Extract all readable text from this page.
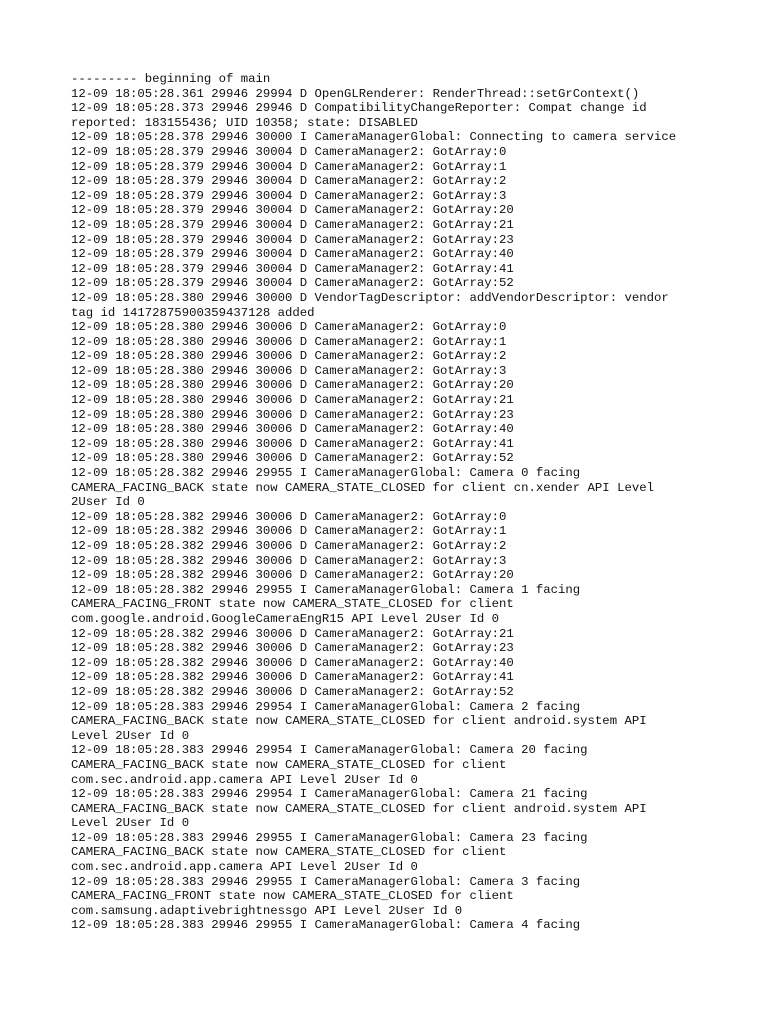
--------- beginning of main
12-09 18:05:28.361 29946 29994 D OpenGLRenderer: RenderThread::setGrContext()
12-09 18:05:28.373 29946 29946 D CompatibilityChangeReporter: Compat change id
reported: 183155436; UID 10358; state: DISABLED
12-09 18:05:28.378 29946 30000 I CameraManagerGlobal: Connecting to camera service
12-09 18:05:28.379 29946 30004 D CameraManager2: GotArray:0
12-09 18:05:28.379 29946 30004 D CameraManager2: GotArray:1
12-09 18:05:28.379 29946 30004 D CameraManager2: GotArray:2
12-09 18:05:28.379 29946 30004 D CameraManager2: GotArray:3
12-09 18:05:28.379 29946 30004 D CameraManager2: GotArray:20
12-09 18:05:28.379 29946 30004 D CameraManager2: GotArray:21
12-09 18:05:28.379 29946 30004 D CameraManager2: GotArray:23
12-09 18:05:28.379 29946 30004 D CameraManager2: GotArray:40
12-09 18:05:28.379 29946 30004 D CameraManager2: GotArray:41
12-09 18:05:28.379 29946 30004 D CameraManager2: GotArray:52
12-09 18:05:28.380 29946 30000 D VendorTagDescriptor: addVendorDescriptor: vendor
tag id 14172875900359437128 added
12-09 18:05:28.380 29946 30006 D CameraManager2: GotArray:0
12-09 18:05:28.380 29946 30006 D CameraManager2: GotArray:1
12-09 18:05:28.380 29946 30006 D CameraManager2: GotArray:2
12-09 18:05:28.380 29946 30006 D CameraManager2: GotArray:3
12-09 18:05:28.380 29946 30006 D CameraManager2: GotArray:20
12-09 18:05:28.380 29946 30006 D CameraManager2: GotArray:21
12-09 18:05:28.380 29946 30006 D CameraManager2: GotArray:23
12-09 18:05:28.380 29946 30006 D CameraManager2: GotArray:40
12-09 18:05:28.380 29946 30006 D CameraManager2: GotArray:41
12-09 18:05:28.380 29946 30006 D CameraManager2: GotArray:52
12-09 18:05:28.382 29946 29955 I CameraManagerGlobal: Camera 0 facing
CAMERA_FACING_BACK state now CAMERA_STATE_CLOSED for client cn.xender API Level
2User Id 0
12-09 18:05:28.382 29946 30006 D CameraManager2: GotArray:0
12-09 18:05:28.382 29946 30006 D CameraManager2: GotArray:1
12-09 18:05:28.382 29946 30006 D CameraManager2: GotArray:2
12-09 18:05:28.382 29946 30006 D CameraManager2: GotArray:3
12-09 18:05:28.382 29946 30006 D CameraManager2: GotArray:20
12-09 18:05:28.382 29946 29955 I CameraManagerGlobal: Camera 1 facing
CAMERA_FACING_FRONT state now CAMERA_STATE_CLOSED for client
com.google.android.GoogleCameraEngR15 API Level 2User Id 0
12-09 18:05:28.382 29946 30006 D CameraManager2: GotArray:21
12-09 18:05:28.382 29946 30006 D CameraManager2: GotArray:23
12-09 18:05:28.382 29946 30006 D CameraManager2: GotArray:40
12-09 18:05:28.382 29946 30006 D CameraManager2: GotArray:41
12-09 18:05:28.382 29946 30006 D CameraManager2: GotArray:52
12-09 18:05:28.383 29946 29954 I CameraManagerGlobal: Camera 2 facing
CAMERA_FACING_BACK state now CAMERA_STATE_CLOSED for client android.system API
Level 2User Id 0
12-09 18:05:28.383 29946 29954 I CameraManagerGlobal: Camera 20 facing
CAMERA_FACING_BACK state now CAMERA_STATE_CLOSED for client
com.sec.android.app.camera API Level 2User Id 0
12-09 18:05:28.383 29946 29954 I CameraManagerGlobal: Camera 21 facing
CAMERA_FACING_BACK state now CAMERA_STATE_CLOSED for client android.system API
Level 2User Id 0
12-09 18:05:28.383 29946 29955 I CameraManagerGlobal: Camera 23 facing
CAMERA_FACING_BACK state now CAMERA_STATE_CLOSED for client
com.sec.android.app.camera API Level 2User Id 0
12-09 18:05:28.383 29946 29955 I CameraManagerGlobal: Camera 3 facing
CAMERA_FACING_FRONT state now CAMERA_STATE_CLOSED for client
com.samsung.adaptivebrightnessgo API Level 2User Id 0
12-09 18:05:28.383 29946 29955 I CameraManagerGlobal: Camera 4 facing
